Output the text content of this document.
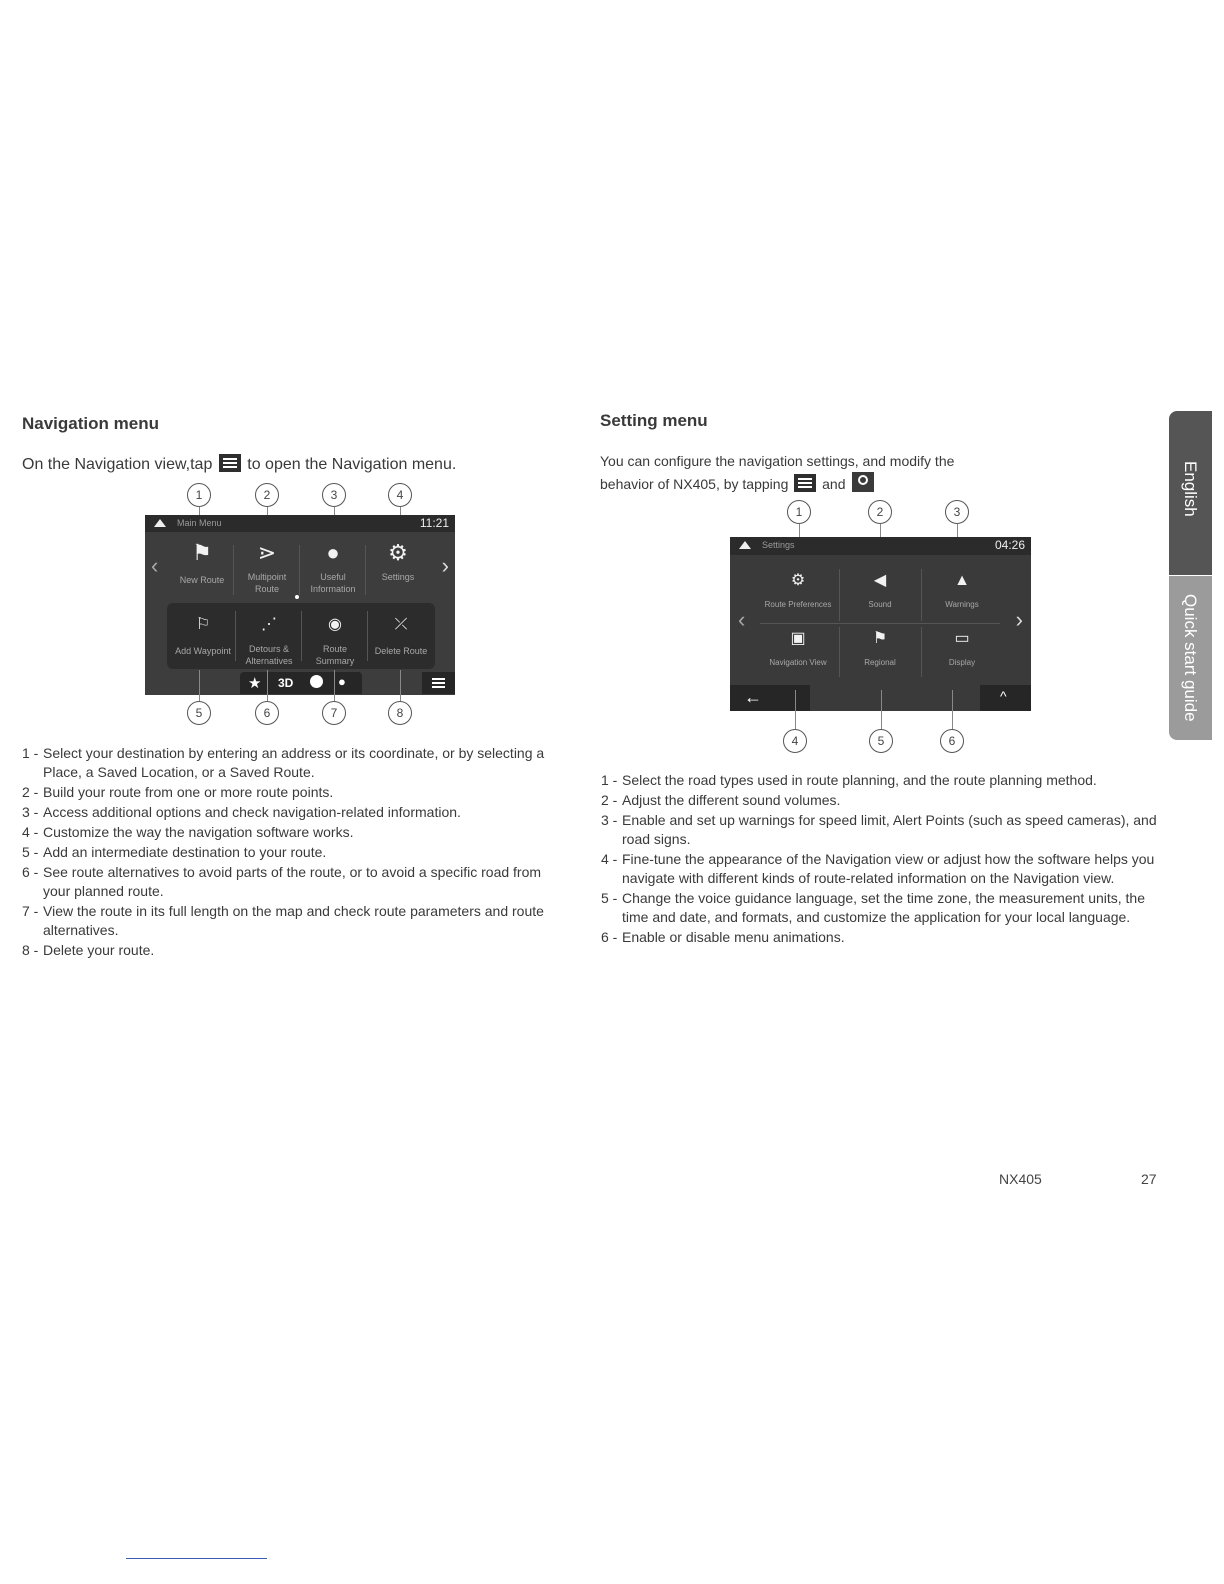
Navigation menu
On the Navigation view,tap to open the Navigation menu.
1	2	3	4
Main Menu	11:21
‹	›
⚑
New Route
⋗
Multipoint
Route
●
Useful
Information
⚙
Settings
⚐
Add Waypoint
⋰
Detours &
Alternatives
◉
Route
Summary
⤫
Delete Route
★ 3D	●
5	6	7	8
1 - Select your destination by entering an address or its coordinate, or by selecting a Place, a Saved Location, or a Saved Route.
2 - Build your route from one or more route points.
3 - Access additional options and check navigation-related information.
4 - Customize the way the navigation software works.
5 - Add an intermediate destination to your route.
6 - See route alternatives to avoid parts of the route, or to avoid a specific road from your planned route.
7 - View the route in its full length on the map and check route parameters and route alternatives.
8 - Delete your route.
Setting menu
You can configure the navigation settings, and modify the
behavior of NX405, by tapping and
1	2	3
Settings	04:26
‹	›
⚙
Route Preferences
◀
Sound
▲
Warnings
▣
Navigation View
⚑
Regional
▭
Display
←	^
4	5	6
1 - Select the road types used in route planning, and the route planning method.
2 - Adjust the different sound volumes.
3 - Enable and set up warnings for speed limit, Alert Points (such as speed cameras), and road signs.
4 - Fine-tune the appearance of the Navigation view or adjust how the software helps you navigate with different kinds of route-related information on the Navigation view.
5 - Change the voice guidance language, set the time zone, the measurement units, the time and date, and formats, and customize the application for your local language.
6 - Enable or disable menu animations.
English
Quick start guide
NX405	27
